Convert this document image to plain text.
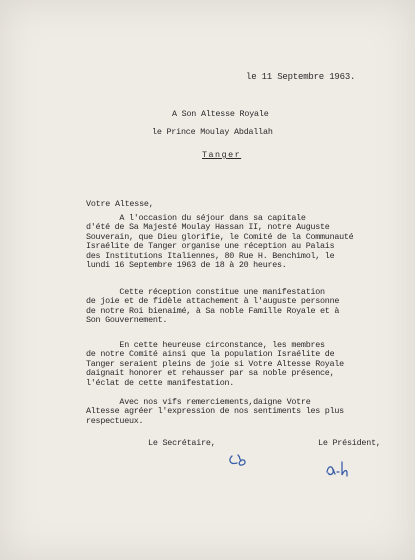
le 11 Septembre 1963.
A Son Altesse Royale
le Prince Moulay Abdallah
Tanger
Votre Altesse,
A l'occasion du séjour dans sa capitale
d'été de Sa Majesté Moulay Hassan II, notre Auguste
Souverain, que Dieu glorifie, le Comité de la Communauté
Israélite de Tanger organise une réception au Palais
des Institutions Italiennes, 80 Rue H. Benchimol, le
lundi 16 Septembre 1963 de 18 à 20 heures.
Cette réception constitue une manifestation
de joie et de fidèle attachement à l'auguste personne
de notre Roi bienaimé, à Sa noble Famille Royale et à
Son Gouvernement.
En cette heureuse circonstance, les membres
de notre Comité ainsi que la population Israélite de
Tanger seraient pleins de joie si Votre Altesse Royale
daignait honorer et rehausser par sa noble présence,
l'éclat de cette manifestation.
Avec nos vifs remerciements,daigne Votre
Altesse agréer l'expression de nos sentiments les plus
respectueux.
Le Secrétaire,	Le Président,
